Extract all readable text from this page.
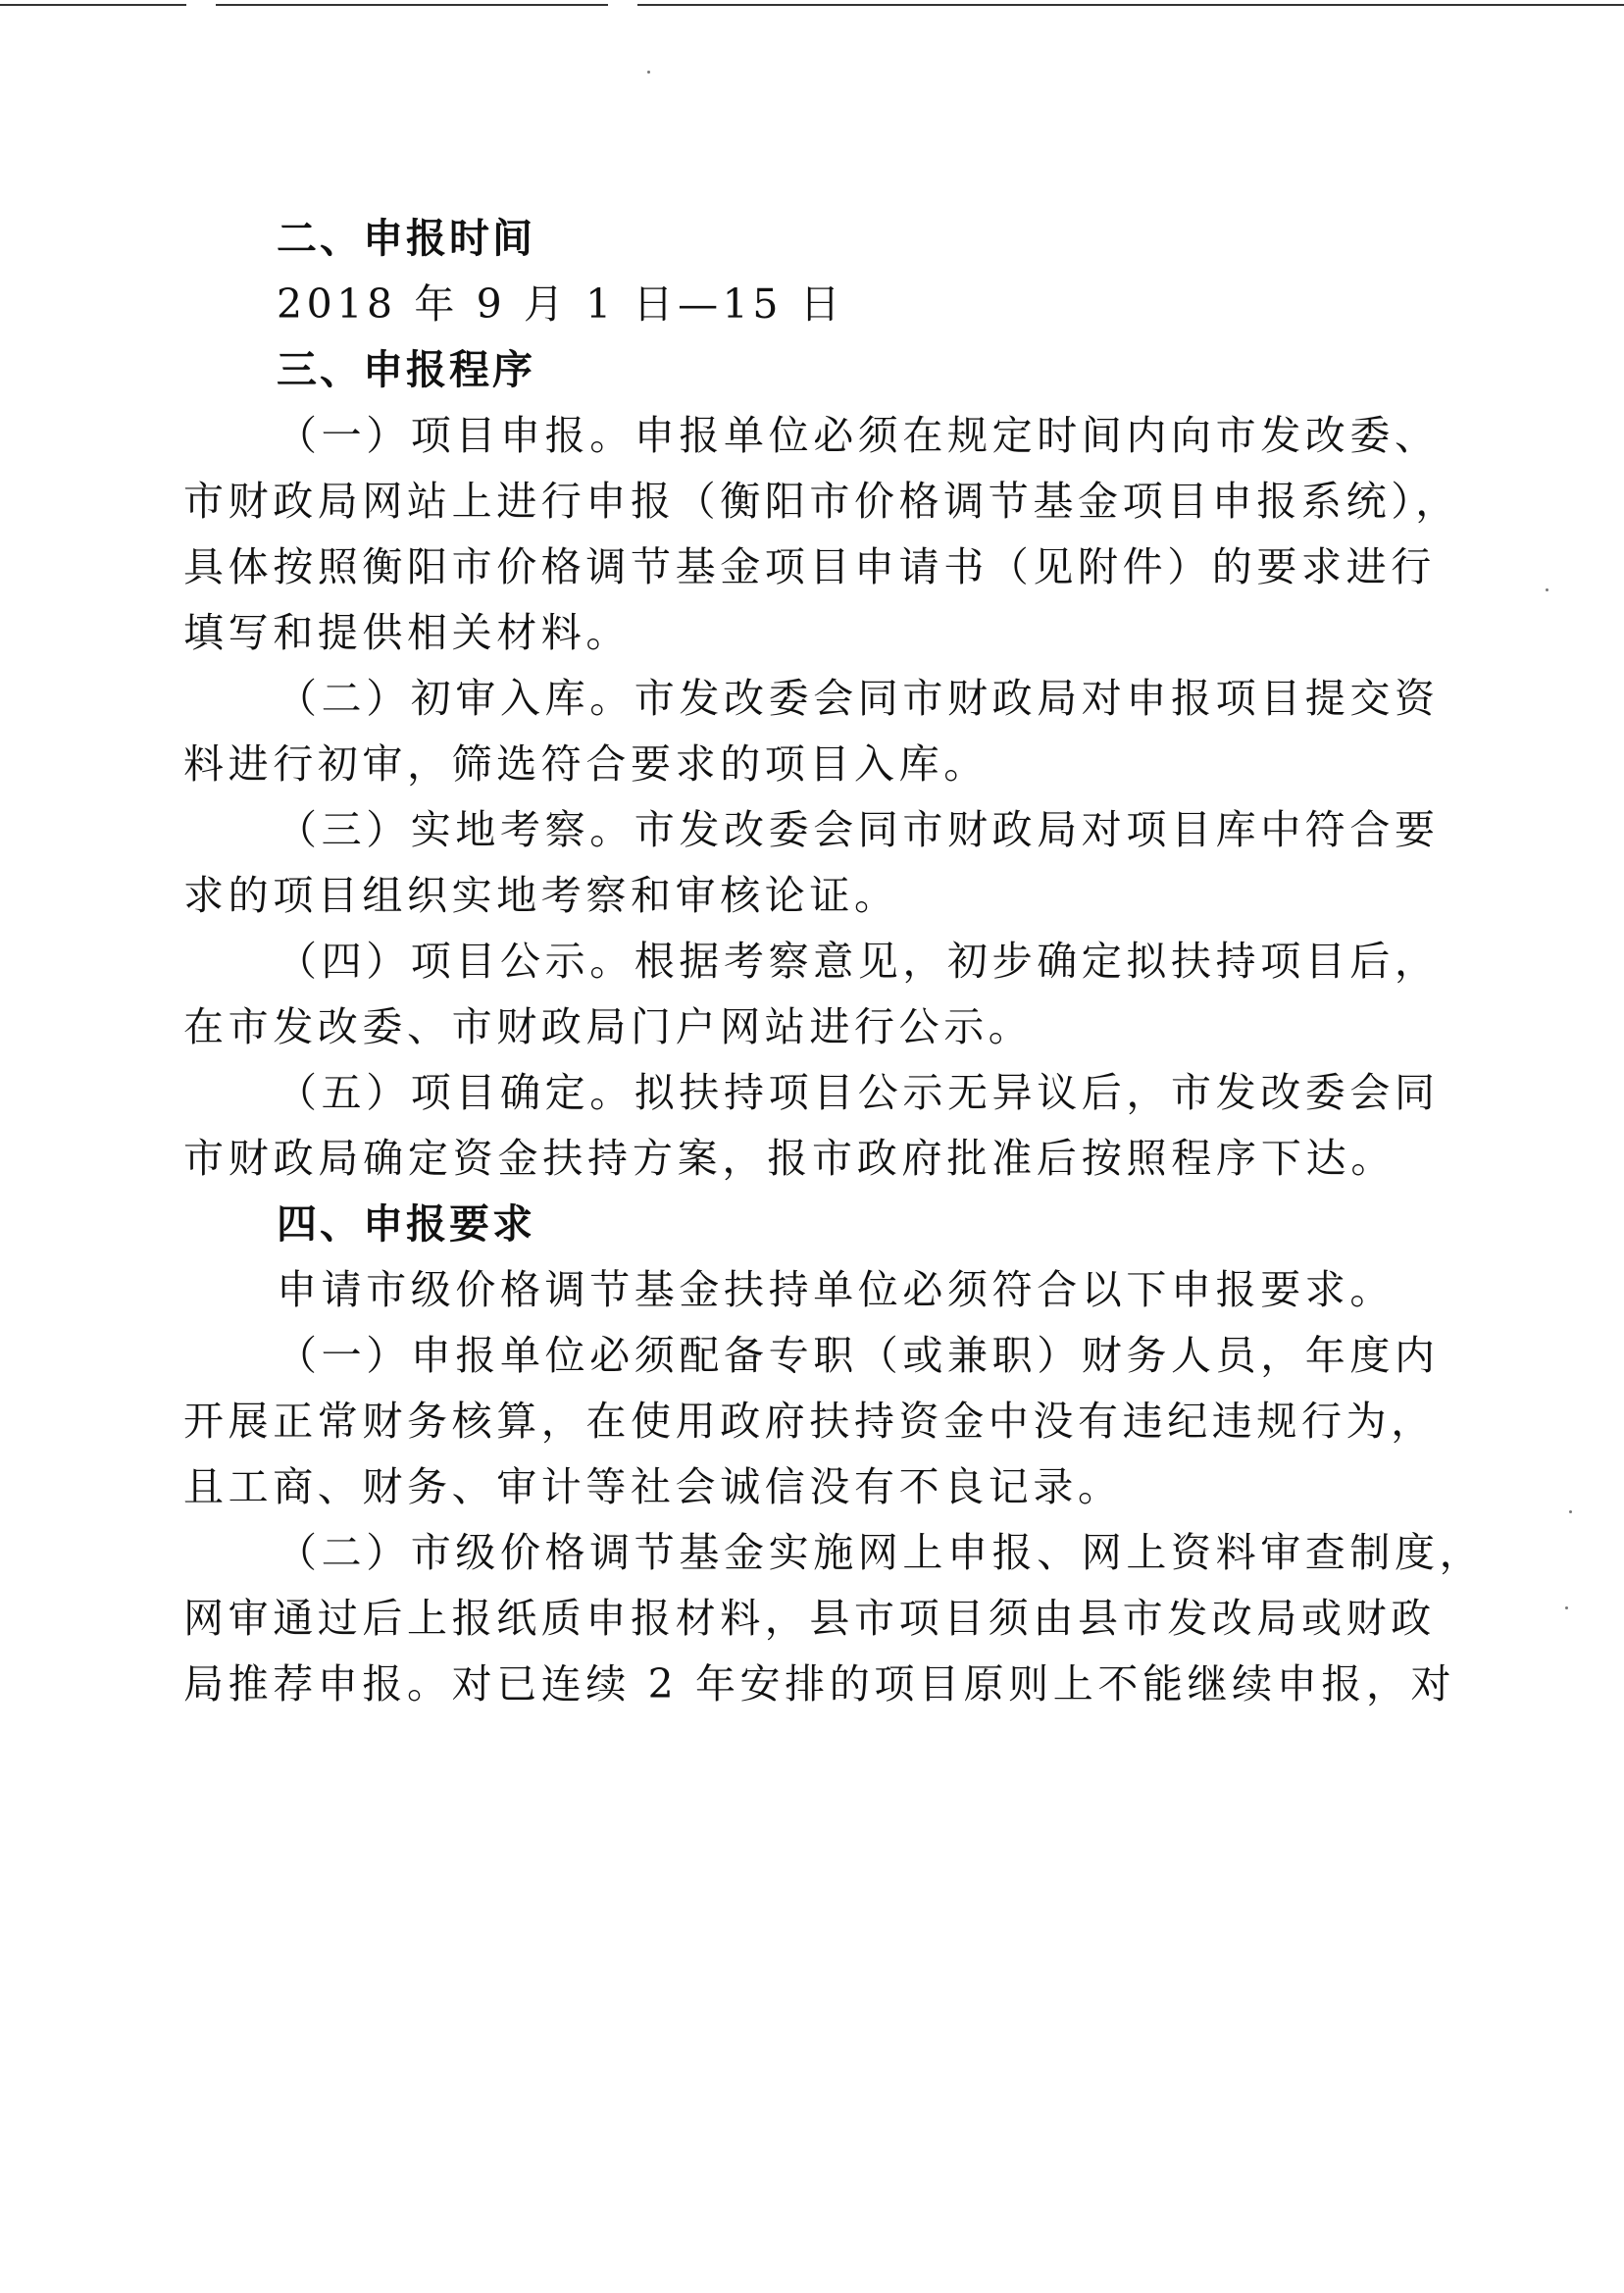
二、申报时间

2018 年 9 月 1 日—15 日

三、申报程序

（一）项目申报。申报单位必须在规定时间内向市发改委、

市财政局网站上进行申报（衡阳市价格调节基金项目申报系统），

具体按照衡阳市价格调节基金项目申请书（见附件）的要求进行

填写和提供相关材料。

（二）初审入库。市发改委会同市财政局对申报项目提交资

料进行初审，筛选符合要求的项目入库。

（三）实地考察。市发改委会同市财政局对项目库中符合要

求的项目组织实地考察和审核论证。

（四）项目公示。根据考察意见，初步确定拟扶持项目后，

在市发改委、市财政局门户网站进行公示。

（五）项目确定。拟扶持项目公示无异议后，市发改委会同

市财政局确定资金扶持方案，报市政府批准后按照程序下达。

四、申报要求

申请市级价格调节基金扶持单位必须符合以下申报要求。

（一）申报单位必须配备专职（或兼职）财务人员，年度内

开展正常财务核算，在使用政府扶持资金中没有违纪违规行为，

且工商、财务、审计等社会诚信没有不良记录。

（二）市级价格调节基金实施网上申报、网上资料审查制度，

网审通过后上报纸质申报材料，县市项目须由县市发改局或财政

局推荐申报。对已连续 2 年安排的项目原则上不能继续申报，对
